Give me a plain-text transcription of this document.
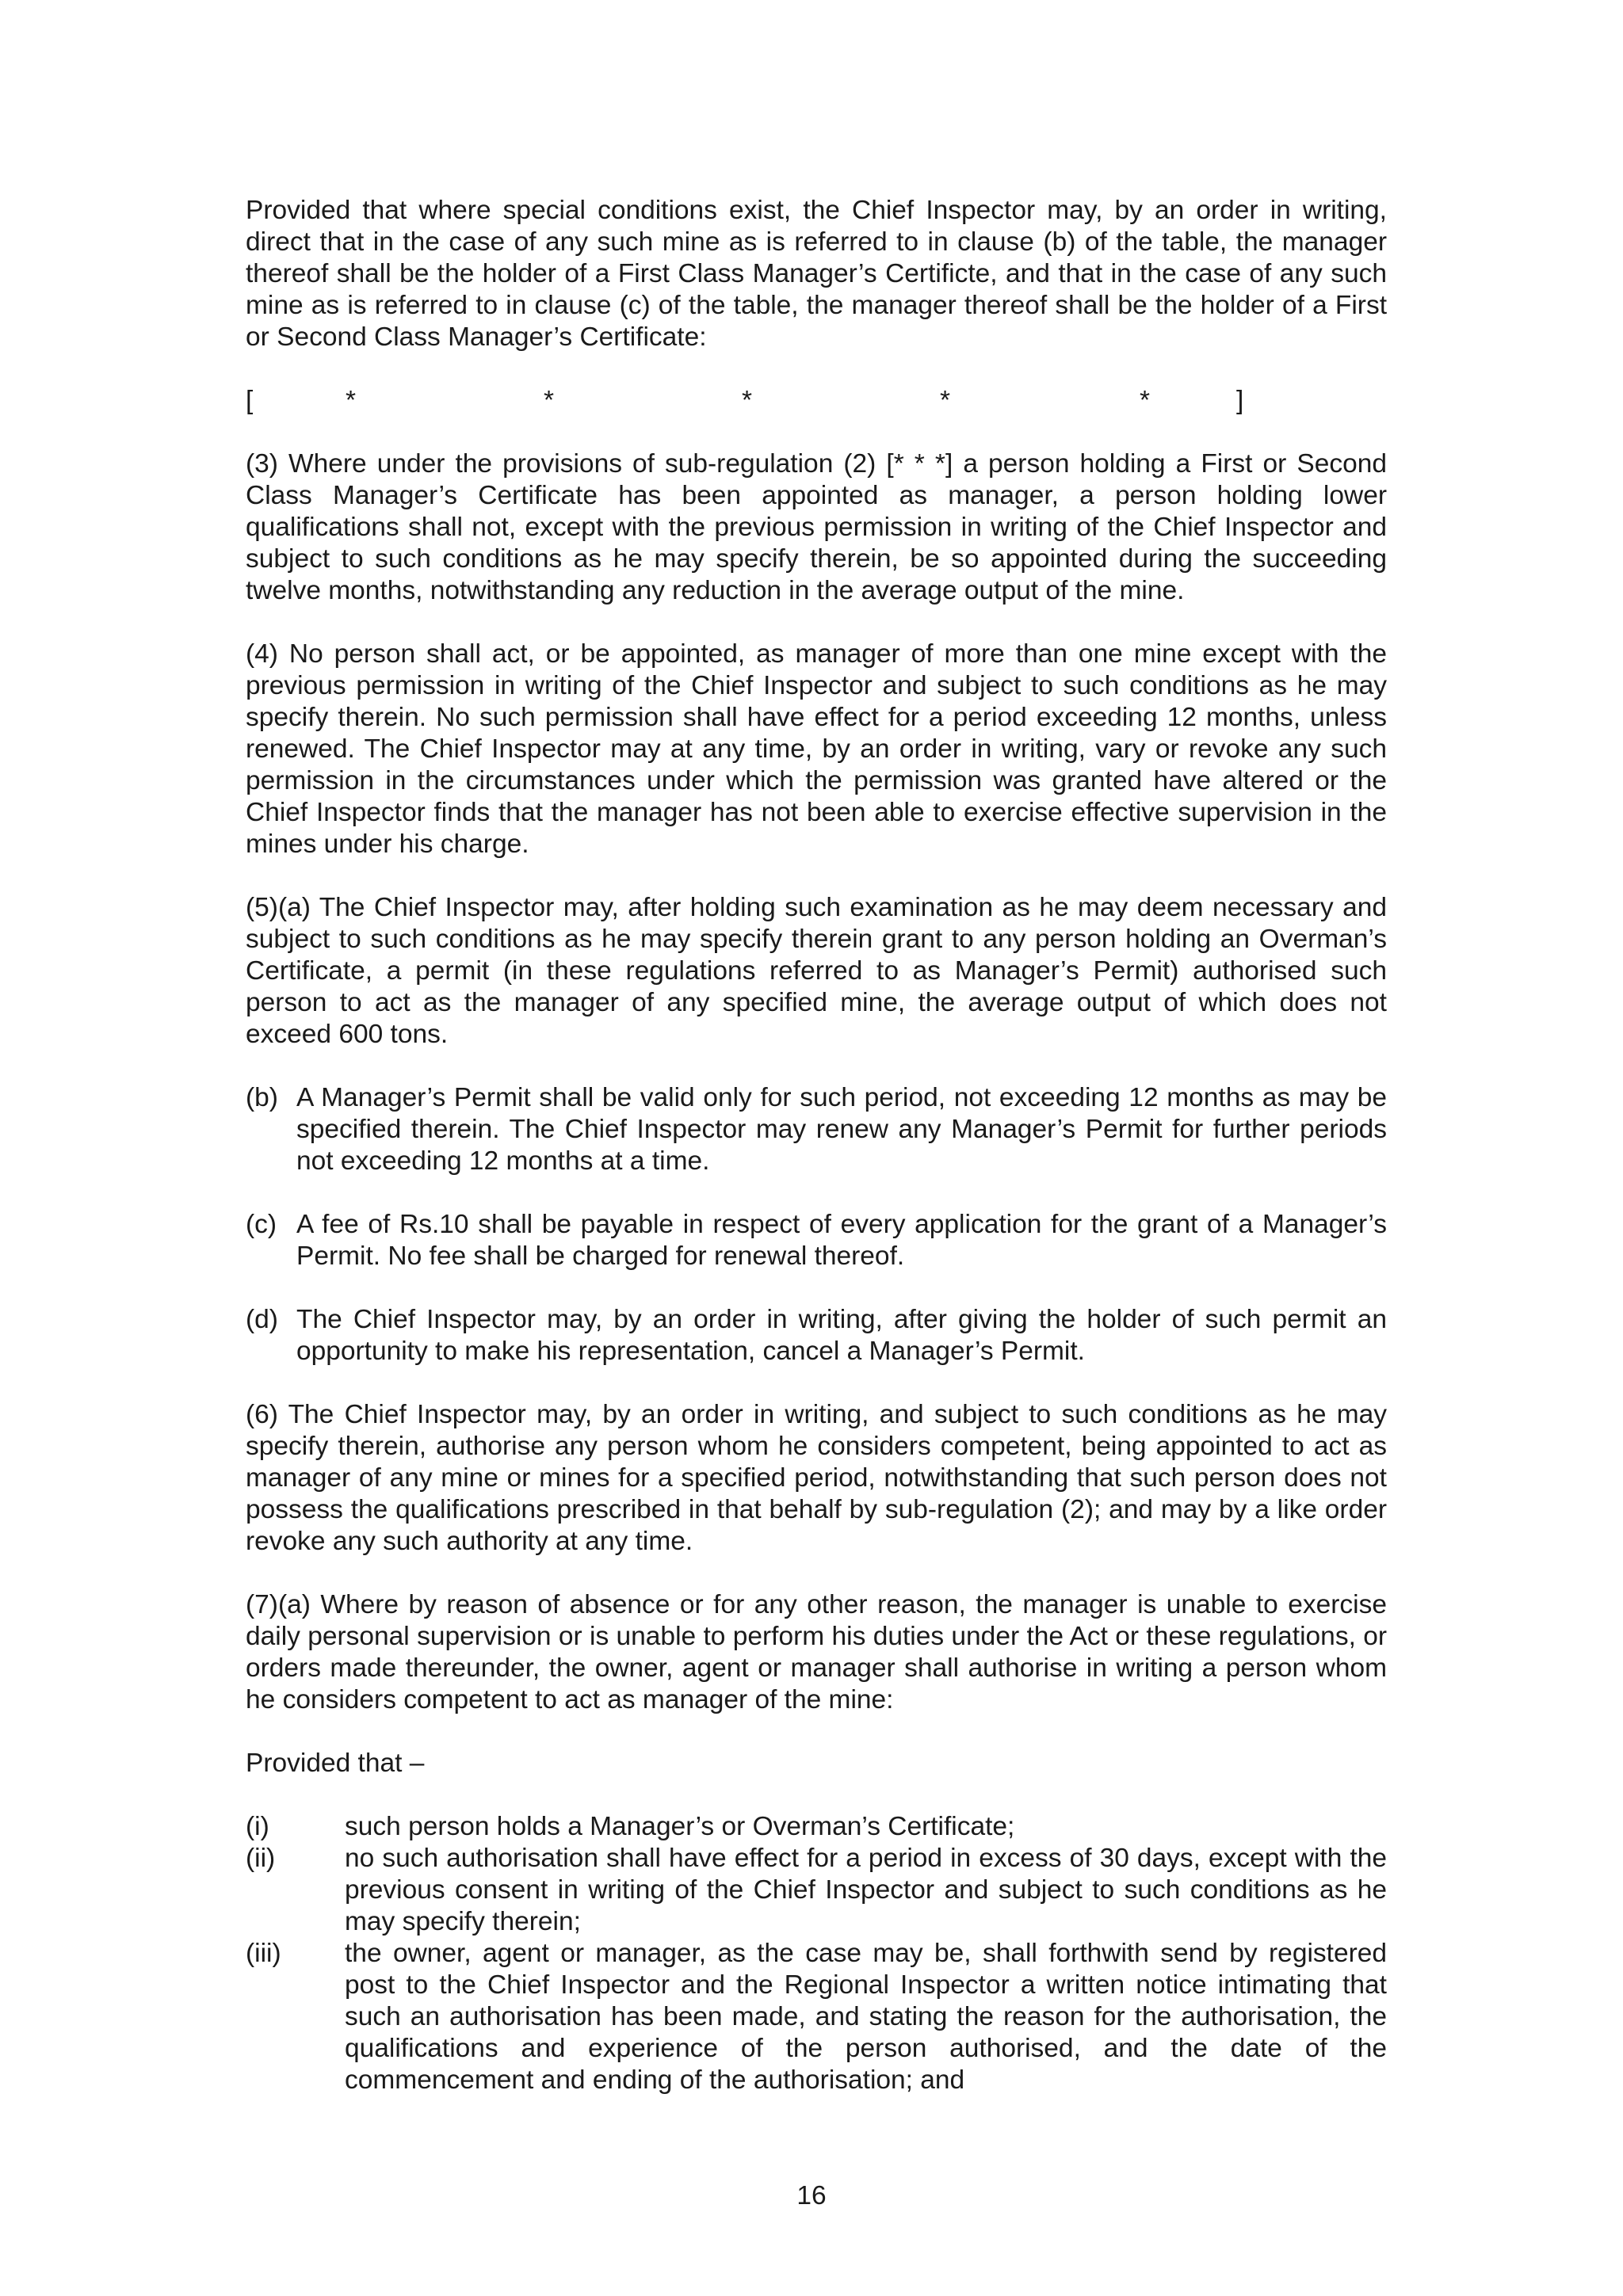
Provided that where special conditions exist, the Chief Inspector may, by an order in writing, direct that in the case of any such mine as is referred to in clause (b) of the table, the manager thereof shall be the holder of a First Class Manager’s Certificte, and that in the case of any such mine as is referred to in clause (c) of the table, the manager thereof shall be the holder of a First or Second Class Manager’s Certificate:

[	*	*	*	*	*	]

(3) Where under the provisions of sub-regulation (2) [* * *] a person holding a First or Second Class Manager’s Certificate has been appointed as manager, a person holding lower qualifications shall not, except with the previous permission in writing of the Chief Inspector and subject to such conditions as he may specify therein, be so appointed during the succeeding twelve months, notwithstanding any reduction in the average output of the mine.

(4) No person shall act, or be appointed, as manager of more than one mine except with the previous permission in writing of the Chief Inspector and subject to such conditions as he may specify therein. No such permission shall have effect for a period exceeding 12 months, unless renewed. The Chief Inspector may at any time, by an order in writing, vary or revoke any such permission in the circumstances under which the permission was granted have altered or the Chief Inspector finds that the manager has not been able to exercise effective supervision in the mines under his charge.

(5)(a) The Chief Inspector may, after holding such examination as he may deem necessary and subject to such conditions as he may specify therein grant to any person holding an Overman’s Certificate, a permit (in these regulations referred to as Manager’s Permit) authorised such person to act as the manager of any specified mine, the average output of which does not exceed 600 tons.

(b) A Manager’s Permit shall be valid only for such period, not exceeding 12 months as may be specified therein. The Chief Inspector may renew any Manager’s Permit for further periods not exceeding 12 months at a time.
(c) A fee of Rs.10 shall be payable in respect of every application for the grant of a Manager’s Permit. No fee shall be charged for renewal thereof.
(d) The Chief Inspector may, by an order in writing, after giving the holder of such permit an opportunity to make his representation, cancel a Manager’s Permit.

(6) The Chief Inspector may, by an order in writing, and subject to such conditions as he may specify therein, authorise any person whom he considers competent, being appointed to act as manager of any mine or mines for a specified period, notwithstanding that such person does not possess the qualifications prescribed in that behalf by sub-regulation (2); and may by a like order revoke any such authority at any time.

(7)(a) Where by reason of absence or for any other reason, the manager is unable to exercise daily personal supervision or is unable to perform his duties under the Act or these regulations, or orders made thereunder, the owner, agent or manager shall authorise in writing a person whom he considers competent to act as manager of the mine:

Provided that –

(i)	such person holds a Manager’s or Overman’s Certificate;
(ii)	no such authorisation shall have effect for a period in excess of 30 days, except with the previous consent in writing of the Chief Inspector and subject to such conditions as he may specify therein;
(iii)	the owner, agent or manager, as the case may be, shall forthwith send by registered post to the Chief Inspector and the Regional Inspector a written notice intimating that such an authorisation has been made, and stating the reason for the authorisation, the qualifications and experience of the person authorised, and the date of the commencement and ending of the authorisation; and
16
